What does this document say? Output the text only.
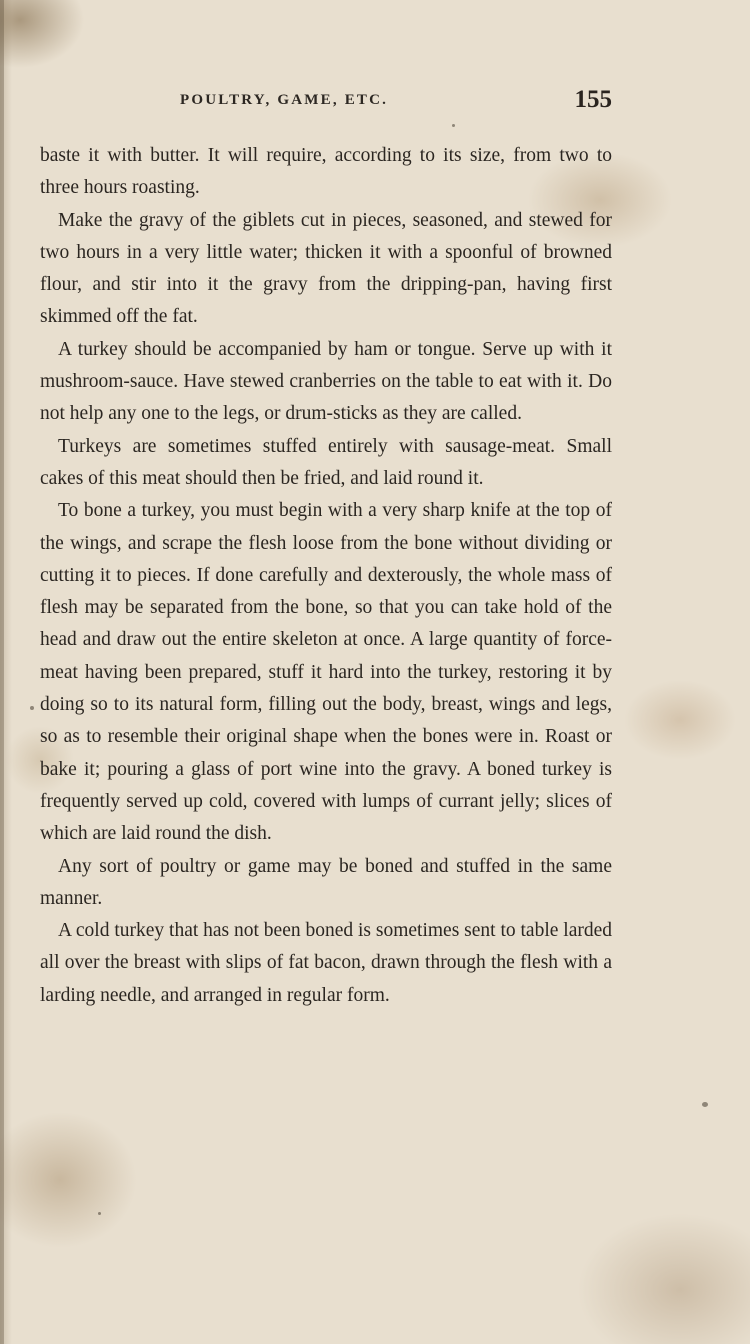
POULTRY, GAME, ETC.	155

baste it with butter. It will require, according to its size, from two to three hours roasting.

Make the gravy of the giblets cut in pieces, seasoned, and stewed for two hours in a very little water; thicken it with a spoonful of browned flour, and stir into it the gravy from the dripping-pan, having first skimmed off the fat.

A turkey should be accompanied by ham or tongue. Serve up with it mushroom-sauce. Have stewed cranberries on the table to eat with it. Do not help any one to the legs, or drum-sticks as they are called.

Turkeys are sometimes stuffed entirely with sausage-meat. Small cakes of this meat should then be fried, and laid round it.

To bone a turkey, you must begin with a very sharp knife at the top of the wings, and scrape the flesh loose from the bone without dividing or cutting it to pieces. If done carefully and dexterously, the whole mass of flesh may be separated from the bone, so that you can take hold of the head and draw out the entire skeleton at once. A large quantity of force-meat having been prepared, stuff it hard into the turkey, restoring it by doing so to its natural form, filling out the body, breast, wings and legs, so as to resemble their original shape when the bones were in. Roast or bake it; pouring a glass of port wine into the gravy. A boned turkey is frequently served up cold, covered with lumps of currant jelly; slices of which are laid round the dish.

Any sort of poultry or game may be boned and stuffed in the same manner.

A cold turkey that has not been boned is sometimes sent to table larded all over the breast with slips of fat bacon, drawn through the flesh with a larding needle, and arranged in regular form.
